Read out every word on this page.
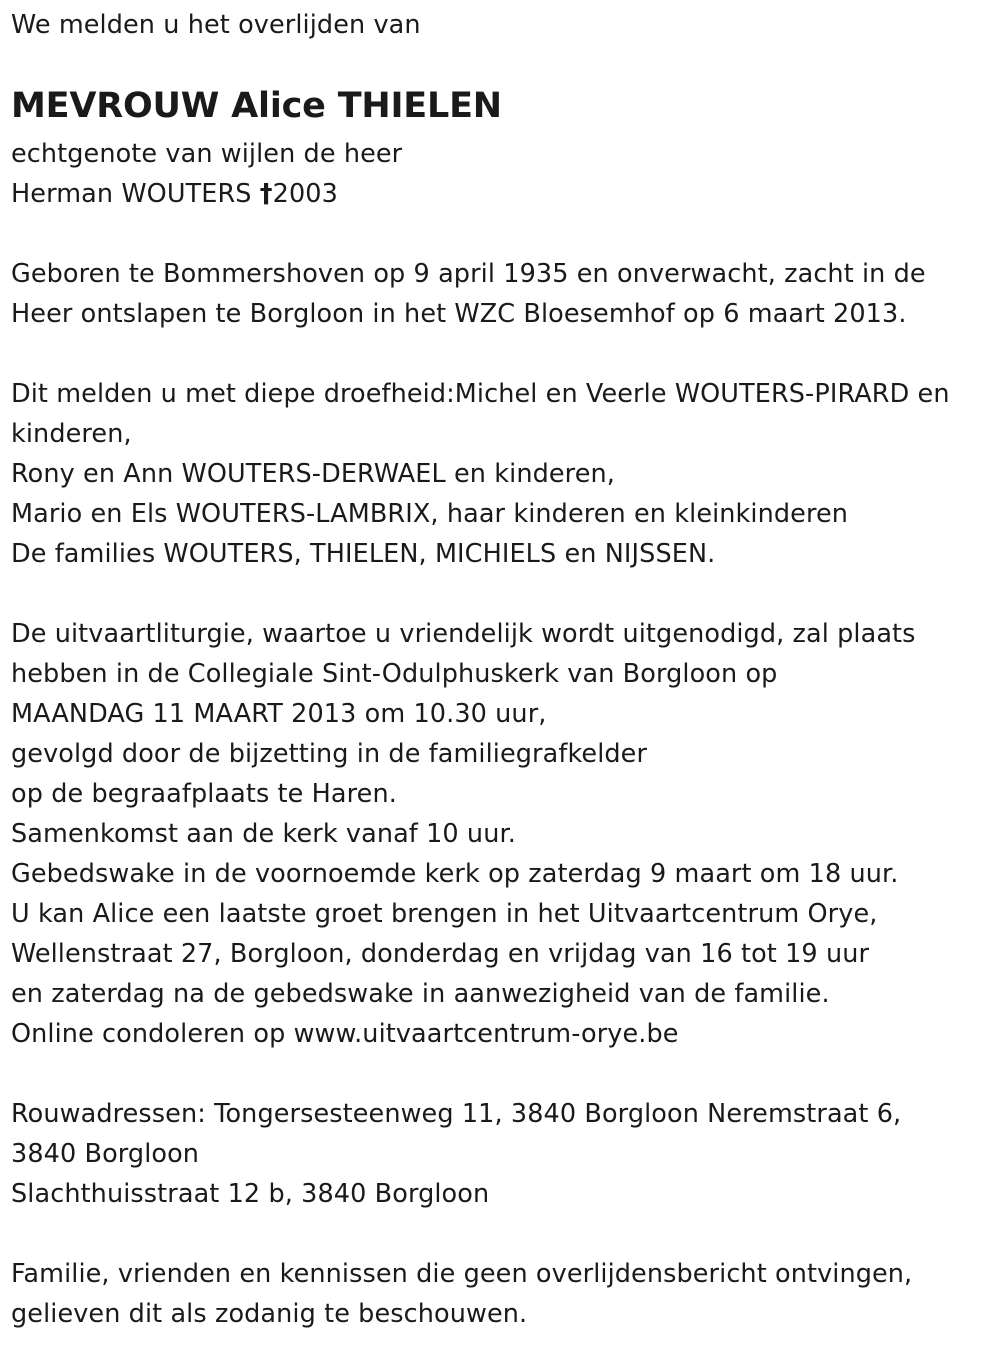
We melden u het overlijden van
MEVROUW Alice THIELEN
echtgenote van wijlen de heer
Herman WOUTERS †2003
Geboren te Bommershoven op 9 april 1935 en onverwacht, zacht in de
Heer ontslapen te Borgloon in het WZC Bloesemhof op 6 maart 2013.
Dit melden u met diepe droefheid:Michel en Veerle WOUTERS-PIRARD en
kinderen,
Rony en Ann WOUTERS-DERWAEL en kinderen,
Mario en Els WOUTERS-LAMBRIX, haar kinderen en kleinkinderen
De families WOUTERS, THIELEN, MICHIELS en NIJSSEN.
De uitvaartliturgie, waartoe u vriendelijk wordt uitgenodigd, zal plaats
hebben in de Collegiale Sint-Odulphuskerk van Borgloon op
MAANDAG 11 MAART 2013 om 10.30 uur,
gevolgd door de bijzetting in de familiegrafkelder
op de begraafplaats te Haren.
Samenkomst aan de kerk vanaf 10 uur.
Gebedswake in de voornoemde kerk op zaterdag 9 maart om 18 uur.
U kan Alice een laatste groet brengen in het Uitvaartcentrum Orye,
Wellenstraat 27, Borgloon, donderdag en vrijdag van 16 tot 19 uur
en zaterdag na de gebedswake in aanwezigheid van de familie.
Online condoleren op www.uitvaartcentrum-orye.be
Rouwadressen: Tongersesteenweg 11, 3840 Borgloon Neremstraat 6,
3840 Borgloon
Slachthuisstraat 12 b, 3840 Borgloon
Familie, vrienden en kennissen die geen overlijdensbericht ontvingen,
gelieven dit als zodanig te beschouwen.
